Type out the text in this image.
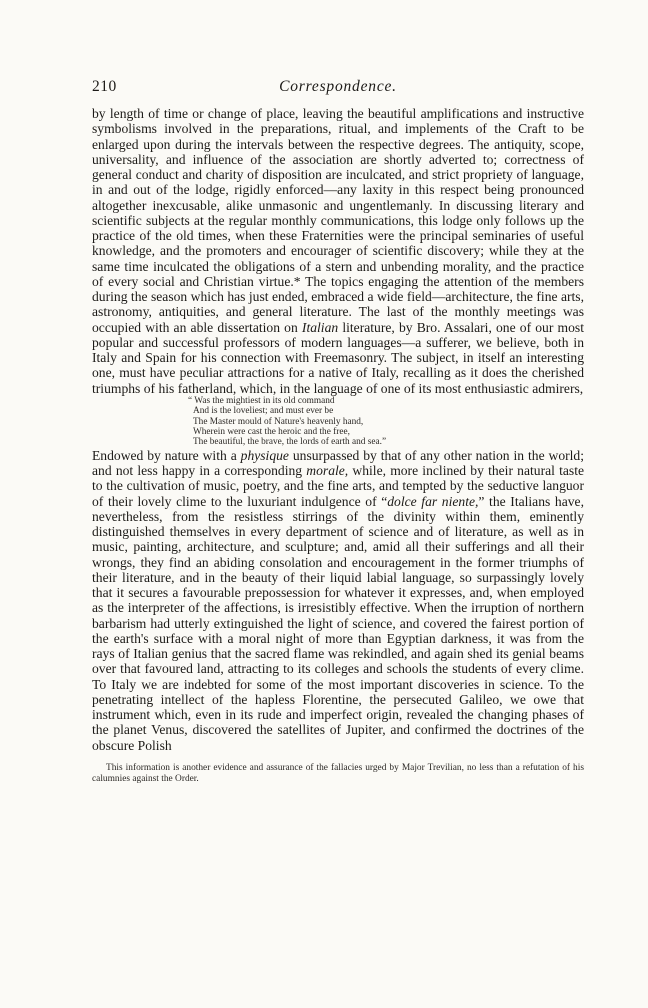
210	Correspondence.

by length of time or change of place, leaving the beautiful amplifications and instructive symbolisms involved in the preparations, ritual, and implements of the Craft to be enlarged upon during the intervals between the respective degrees. The antiquity, scope, universality, and influence of the association are shortly adverted to; correctness of general conduct and charity of disposition are inculcated, and strict propriety of language, in and out of the lodge, rigidly enforced—any laxity in this respect being pronounced altogether inexcusable, alike unmasonic and ungentlemanly. In discussing literary and scientific subjects at the regular monthly communications, this lodge only follows up the practice of the old times, when these Fraternities were the principal seminaries of useful knowledge, and the promoters and encourager of scientific discovery; while they at the same time inculcated the obligations of a stern and unbending morality, and the practice of every social and Christian virtue.* The topics engaging the attention of the members during the season which has just ended, embraced a wide field—architecture, the fine arts, astronomy, antiquities, and general literature. The last of the monthly meetings was occupied with an able dissertation on Italian literature, by Bro. Assalari, one of our most popular and successful professors of modern languages—a sufferer, we believe, both in Italy and Spain for his connection with Freemasonry. The subject, in itself an interesting one, must have peculiar attractions for a native of Italy, recalling as it does the cherished triumphs of his fatherland, which, in the language of one of its most enthusiastic admirers,

“ Was the mightiest in its old command
And is the loveliest; and must ever be
The Master mould of Nature's heavenly hand,
Wherein were cast the heroic and the free,
The beautiful, the brave, the lords of earth and sea.”

Endowed by nature with a physique unsurpassed by that of any other nation in the world; and not less happy in a corresponding morale, while, more inclined by their natural taste to the cultivation of music, poetry, and the fine arts, and tempted by the seductive languor of their lovely clime to the luxuriant indulgence of “dolce far niente,” the Italians have, nevertheless, from the resistless stirrings of the divinity within them, eminently distinguished themselves in every department of science and of literature, as well as in music, painting, architecture, and sculpture; and, amid all their sufferings and all their wrongs, they find an abiding consolation and encouragement in the former triumphs of their literature, and in the beauty of their liquid labial language, so surpassingly lovely that it secures a favourable prepossession for whatever it expresses, and, when employed as the interpreter of the affections, is irresistibly effective. When the irruption of northern barbarism had utterly extinguished the light of science, and covered the fairest portion of the earth's surface with a moral night of more than Egyptian darkness, it was from the rays of Italian genius that the sacred flame was rekindled, and again shed its genial beams over that favoured land, attracting to its colleges and schools the students of every clime. To Italy we are indebted for some of the most important discoveries in science. To the penetrating intellect of the hapless Florentine, the persecuted Galileo, we owe that instrument which, even in its rude and imperfect origin, revealed the changing phases of the planet Venus, discovered the satellites of Jupiter, and confirmed the doctrines of the obscure Polish

This information is another evidence and assurance of the fallacies urged by Major Trevilian, no less than a refutation of his calumnies against the Order.
